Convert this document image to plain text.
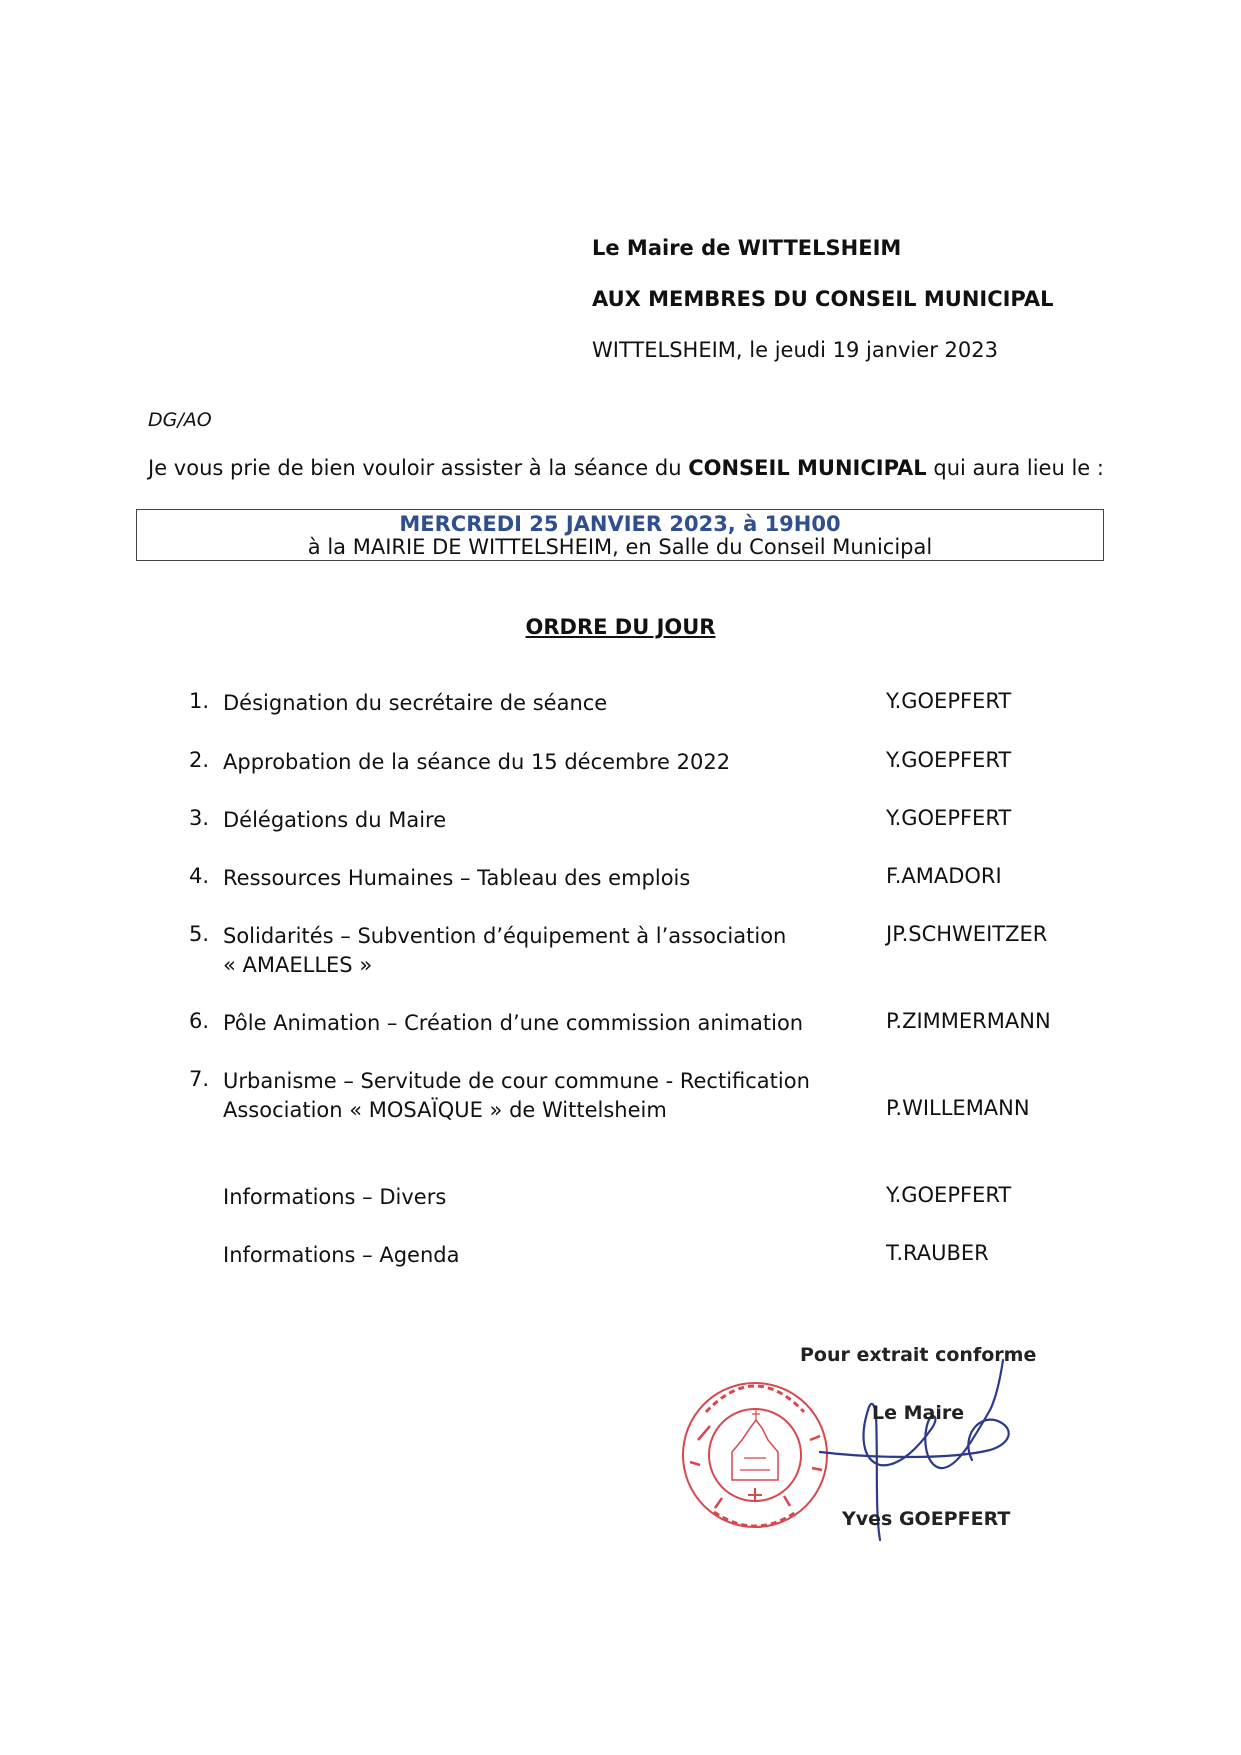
Le Maire de WITTELSHEIM
AUX MEMBRES DU CONSEIL MUNICIPAL
WITTELSHEIM, le jeudi 19 janvier 2023
DG/AO
Je vous prie de bien vouloir assister à la séance du CONSEIL MUNICIPAL qui aura lieu le :
MERCREDI 25 JANVIER 2023, à 19H00
à la MAIRIE DE WITTELSHEIM, en Salle du Conseil Municipal
ORDRE DU JOUR
1. Désignation du secrétaire de séance	Y.GOEPFERT
2. Approbation de la séance du 15 décembre 2022	Y.GOEPFERT
3. Délégations du Maire	Y.GOEPFERT
4. Ressources Humaines – Tableau des emplois	F.AMADORI
5. Solidarités – Subvention d’équipement à l’association
« AMAELLES »
JP.SCHWEITZER
6. Pôle Animation – Création d’une commission animation	P.ZIMMERMANN
7. Urbanisme – Servitude de cour commune - Rectification
Association « MOSAÏQUE » de Wittelsheim	P.WILLEMANN
Informations – Divers	Y.GOEPFERT
Informations – Agenda	T.RAUBER
Pour extrait conforme
Le Maire
Yves GOEPFERT
